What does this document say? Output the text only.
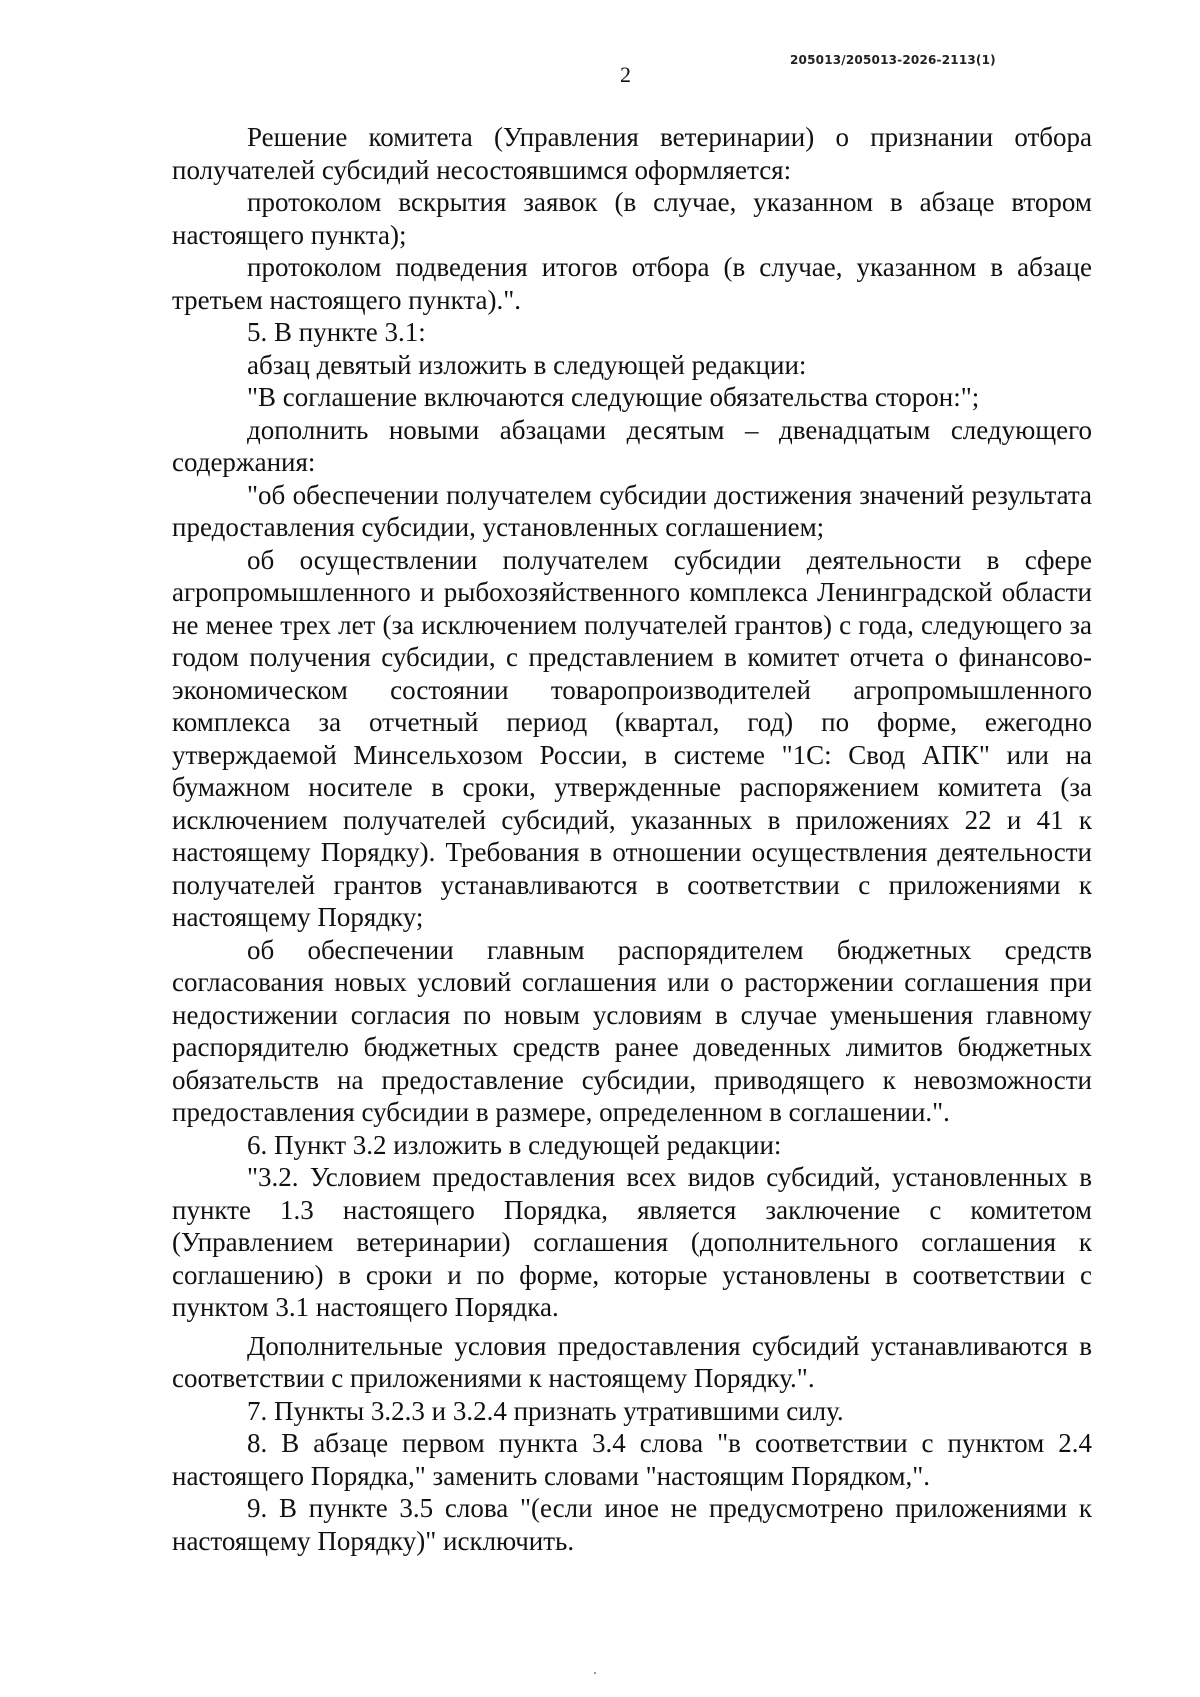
205013/205013-2026-2113(1)
2

Решение комитета (Управления ветеринарии) о признании отбора получателей субсидий несостоявшимся оформляется:

протоколом вскрытия заявок (в случае, указанном в абзаце втором настоящего пункта);

протоколом подведения итогов отбора (в случае, указанном в абзаце третьем настоящего пункта).".

5. В пункте 3.1:

абзац девятый изложить в следующей редакции:

"В соглашение включаются следующие обязательства сторон:";

дополнить новыми абзацами десятым – двенадцатым следующего содержания:

"об обеспечении получателем субсидии достижения значений результата предоставления субсидии, установленных соглашением;

об осуществлении получателем субсидии деятельности в сфере агропромышленного и рыбохозяйственного комплекса Ленинградской области не менее трех лет (за исключением получателей грантов) с года, следующего за годом получения субсидии, с представлением в комитет отчета о финансово-экономическом состоянии товаропроизводителей агропромышленного комплекса за отчетный период (квартал, год) по форме, ежегодно утверждаемой Минсельхозом России, в системе "1С: Свод АПК" или на бумажном носителе в сроки, утвержденные распоряжением комитета (за исключением получателей субсидий, указанных в приложениях 22 и 41 к настоящему Порядку). Требования в отношении осуществления деятельности получателей грантов устанавливаются в соответствии с приложениями к настоящему Порядку;

об обеспечении главным распорядителем бюджетных средств согласования новых условий соглашения или о расторжении соглашения при недостижении согласия по новым условиям в случае уменьшения главному распорядителю бюджетных средств ранее доведенных лимитов бюджетных обязательств на предоставление субсидии, приводящего к невозможности предоставления субсидии в размере, определенном в соглашении.".

6. Пункт 3.2 изложить в следующей редакции:

"3.2. Условием предоставления всех видов субсидий, установленных в пункте 1.3 настоящего Порядка, является заключение с комитетом (Управлением ветеринарии) соглашения (дополнительного соглашения к соглашению) в сроки и по форме, которые установлены в соответствии с пунктом 3.1 настоящего Порядка.

Дополнительные условия предоставления субсидий устанавливаются в соответствии с приложениями к настоящему Порядку.".

7. Пункты 3.2.3 и 3.2.4 признать утратившими силу.

8. В абзаце первом пункта 3.4 слова "в соответствии с пунктом 2.4 настоящего Порядка," заменить словами "настоящим Порядком,".

9. В пункте 3.5 слова "(если иное не предусмотрено приложениями к настоящему Порядку)" исключить.
